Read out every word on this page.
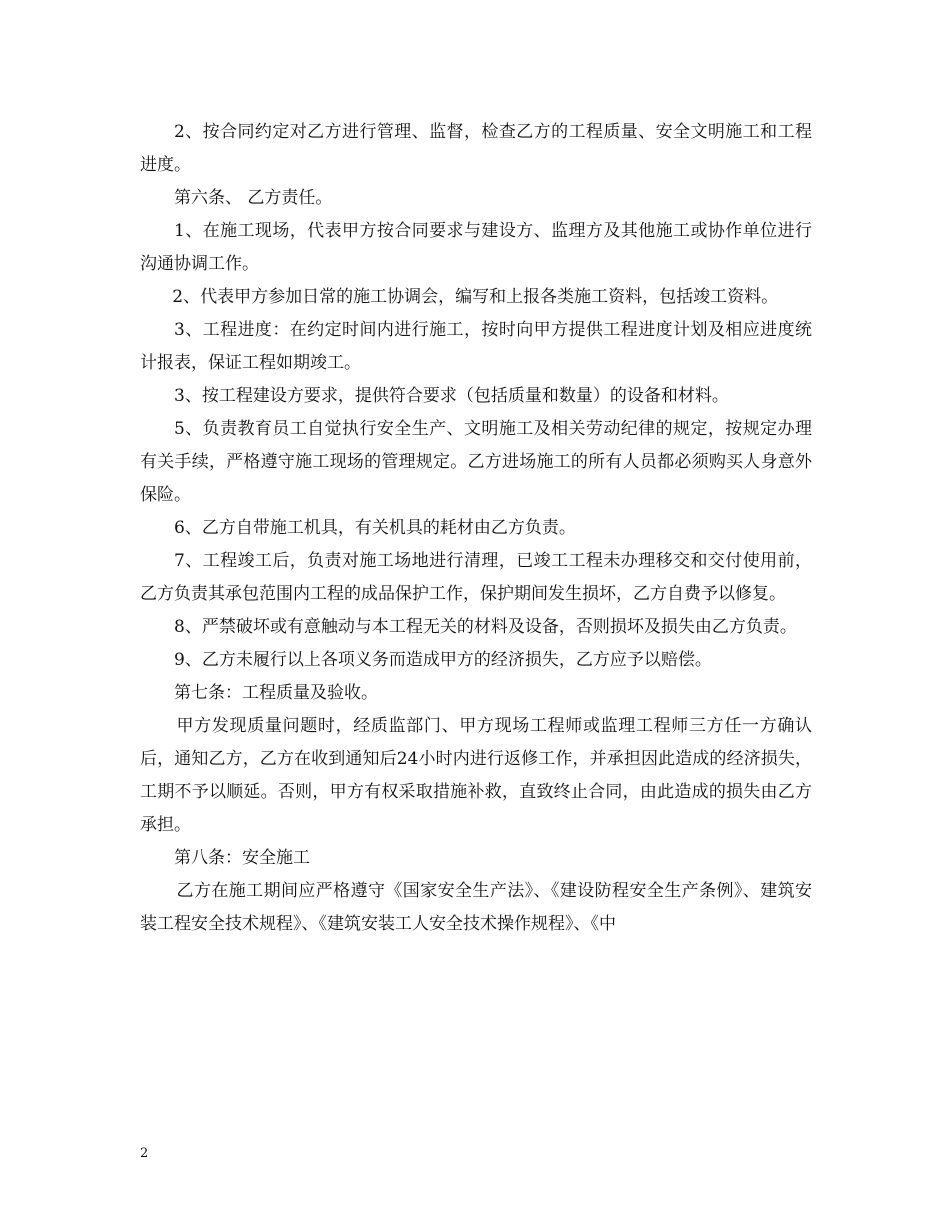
2、按合同约定对乙方进行管理、监督，检查乙方的工程质量、安全文明施工和工程进度。

第六条、 乙方责任。

1、在施工现场，代表甲方按合同要求与建设方、监理方及其他施工或协作单位进行沟通协调工作。

2、代表甲方参加日常的施工协调会，编写和上报各类施工资料，包括竣工资料。

3、工程进度：在约定时间内进行施工，按时向甲方提供工程进度计划及相应进度统计报表，保证工程如期竣工。

3、按工程建设方要求，提供符合要求（包括质量和数量）的设备和材料。

5、负责教育员工自觉执行安全生产、文明施工及相关劳动纪律的规定，按规定办理有关手续，严格遵守施工现场的管理规定。乙方进场施工的所有人员都必须购买人身意外保险。

6、乙方自带施工机具，有关机具的耗材由乙方负责。

7、工程竣工后，负责对施工场地进行清理，已竣工工程未办理移交和交付使用前，乙方负责其承包范围内工程的成品保护工作，保护期间发生损坏，乙方自费予以修复。

8、严禁破坏或有意触动与本工程无关的材料及设备，否则损坏及损失由乙方负责。

9、乙方未履行以上各项义务而造成甲方的经济损失，乙方应予以赔偿。

第七条：工程质量及验收。

甲方发现质量问题时，经质监部门、甲方现场工程师或监理工程师三方任一方确认后，通知乙方，乙方在收到通知后24小时内进行返修工作，并承担因此造成的经济损失，工期不予以顺延。否则，甲方有权采取措施补救，直致终止合同，由此造成的损失由乙方承担。

第八条：安全施工

乙方在施工期间应严格遵守《国家安全生产法》、《建设防程安全生产条例》、建筑安装工程安全技术规程》、《建筑安装工人安全技术操作规程》、《中

2
